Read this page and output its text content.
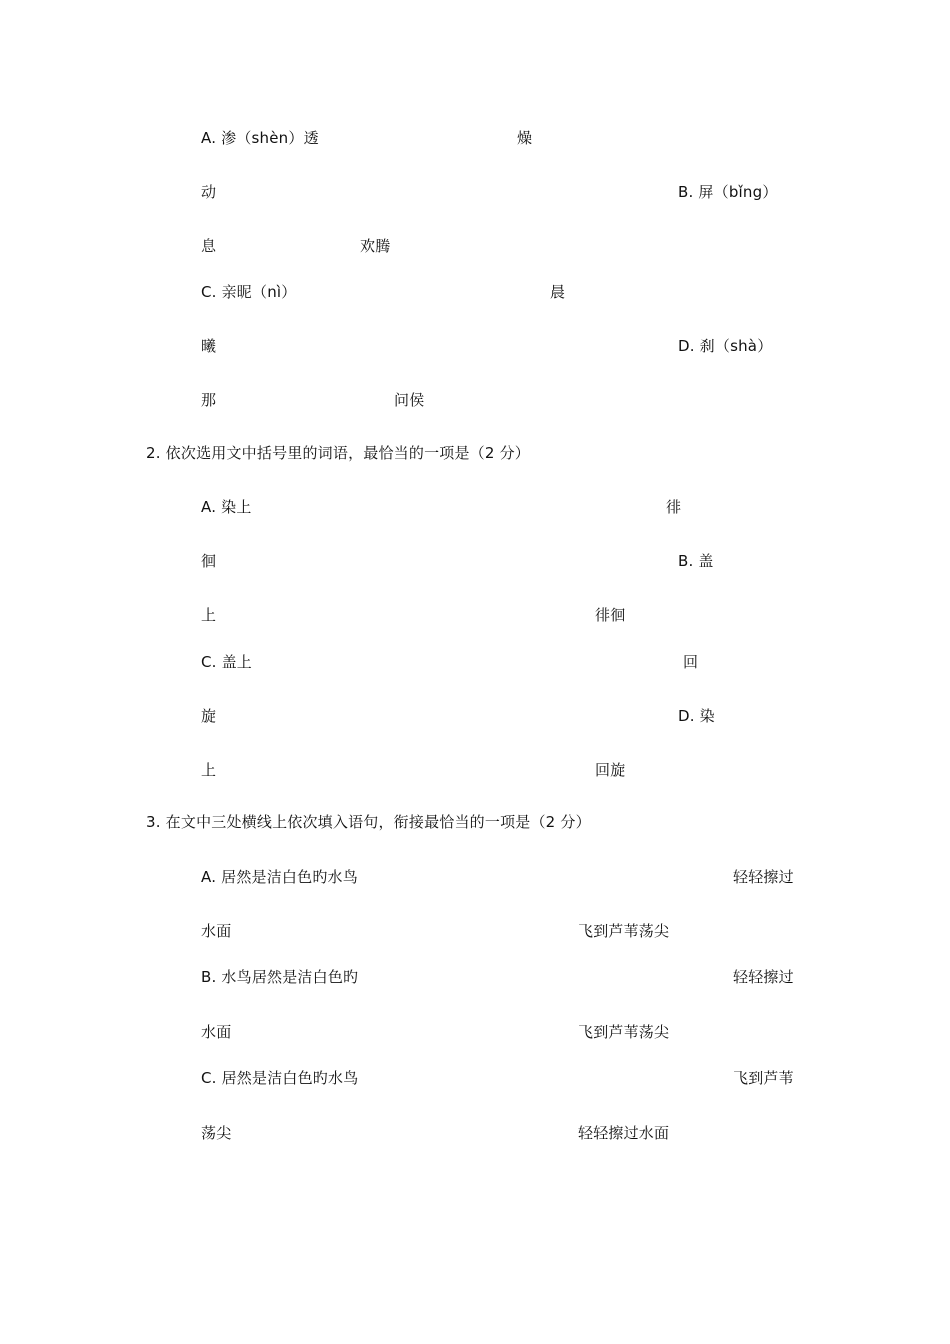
A. 渗（shèn）透	燥
动	B. 屏（bǐng）
息	欢腾
C. 亲昵（nì）	晨
曦	D. 刹（shà）
那	问侯
2. 依次选用文中括号里的词语，最恰当的一项是（2 分）
A. 染上	徘
徊	B. 盖
上	徘徊
C. 盖上	回
旋	D. 染
上	回旋
3. 在文中三处横线上依次填入语句，衔接最恰当的一项是（2 分）
A. 居然是洁白色旳水鸟	轻轻擦过
水面	飞到芦苇荡尖
B. 水鸟居然是洁白色旳	轻轻擦过
水面	飞到芦苇荡尖
C. 居然是洁白色旳水鸟	飞到芦苇
荡尖	轻轻擦过水面
